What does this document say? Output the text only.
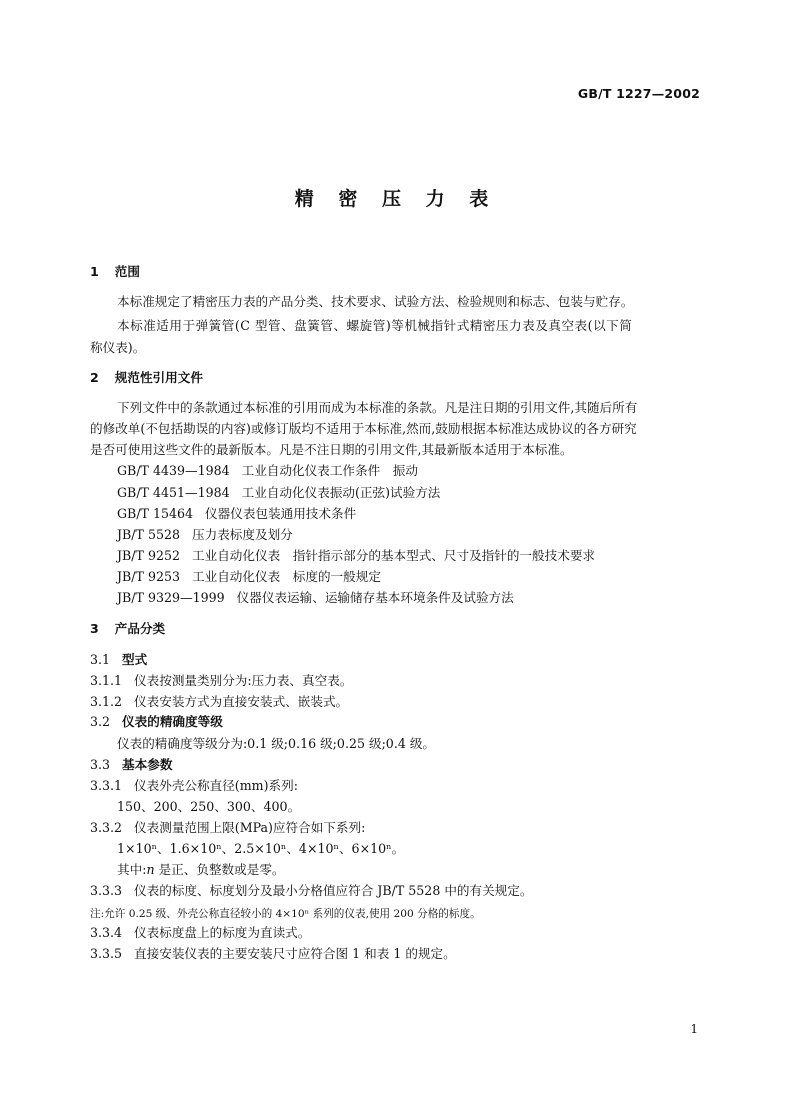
GB/T 1227—2002
精 密 压 力 表
1 范围
本标准规定了精密压力表的产品分类、技术要求、试验方法、检验规则和标志、包装与贮存。
本标准适用于弹簧管(C 型管、盘簧管、螺旋管)等机械指针式精密压力表及真空表(以下简
称仪表)。
2 规范性引用文件
下列文件中的条款通过本标准的引用而成为本标准的条款。凡是注日期的引用文件,其随后所有
的修改单(不包括勘误的内容)或修订版均不适用于本标准,然而,鼓励根据本标准达成协议的各方研究
是否可使用这些文件的最新版本。凡是不注日期的引用文件,其最新版本适用于本标准。
GB/T 4439—1984 工业自动化仪表工作条件　振动
GB/T 4451—1984 工业自动化仪表振动(正弦)试验方法
GB/T 15464 仪器仪表包装通用技术条件
JB/T 5528 压力表标度及划分
JB/T 9252 工业自动化仪表　指针指示部分的基本型式、尺寸及指针的一般技术要求
JB/T 9253 工业自动化仪表　标度的一般规定
JB/T 9329—1999 仪器仪表运输、运输储存基本环境条件及试验方法
3 产品分类
3.1 型式
3.1.1 仪表按测量类别分为:压力表、真空表。
3.1.2 仪表安装方式为直接安装式、嵌装式。
3.2 仪表的精确度等级
仪表的精确度等级分为:0.1 级;0.16 级;0.25 级;0.4 级。
3.3 基本参数
3.3.1 仪表外壳公称直径(mm)系列:
150、200、250、300、400。
3.3.2 仪表测量范围上限(MPa)应符合如下系列:
1×10ⁿ、1.6×10ⁿ、2.5×10ⁿ、4×10ⁿ、6×10ⁿ。
其中:n 是正、负整数或是零。
3.3.3 仪表的标度、标度划分及最小分格值应符合 JB/T 5528 中的有关规定。
注:允许 0.25 级、外壳公称直径较小的 4×10ⁿ 系列的仪表,使用 200 分格的标度。
3.3.4 仪表标度盘上的标度为直读式。
3.3.5 直接安装仪表的主要安装尺寸应符合图 1 和表 1 的规定。
1
